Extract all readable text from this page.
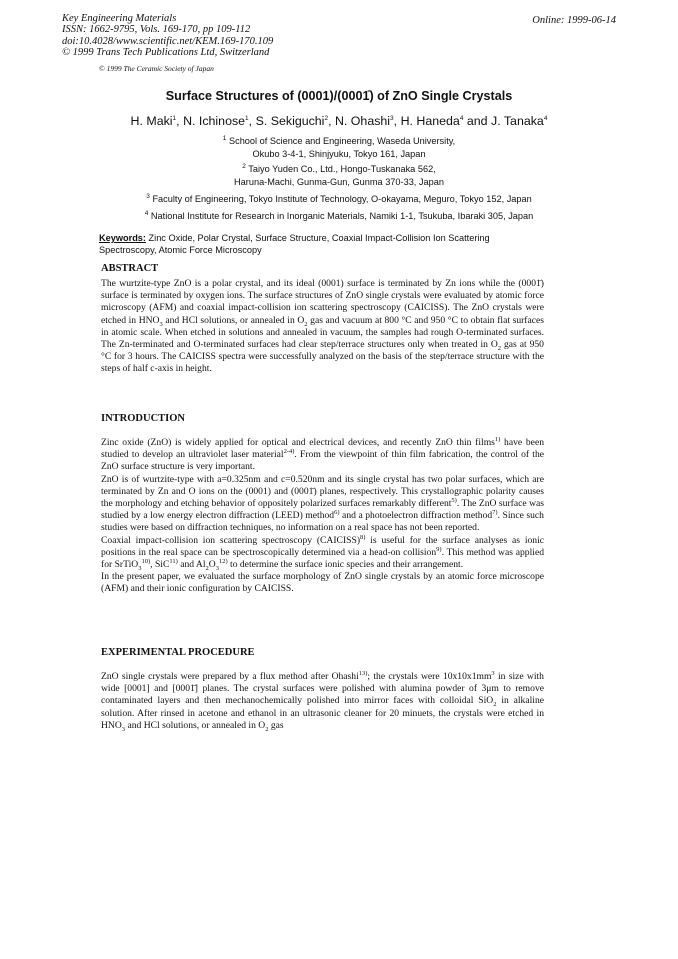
Key Engineering Materials
ISSN: 1662-9795, Vols. 169-170, pp 109-112
doi:10.4028/www.scientific.net/KEM.169-170.109
© 1999 Trans Tech Publications Ltd, Switzerland
Online: 1999-06-14
© 1999 The Ceramic Society of Japan
Surface Structures of (0001)/(0001̄) of ZnO Single Crystals
H. Maki$^1$, N. Ichinose$^1$, S. Sekiguchi$^2$, N. Ohashi$^3$, H. Haneda$^4$ and J. Tanaka$^4$
$^1$ School of Science and Engineering, Waseda University,
Okubo 3-4-1, Shinjyuku, Tokyo 161, Japan
$^2$ Taiyo Yuden Co., Ltd., Hongo-Tuskanaka 562,
Haruna-Machi, Gunma-Gun, Gunma 370-33, Japan
$^3$ Faculty of Engineering, Tokyo Institute of Technology, O-okayama, Meguro, Tokyo 152, Japan
$^4$ National Institute for Research in Inorganic Materials, Namiki 1-1, Tsukuba, Ibaraki 305, Japan
Keywords: Zinc Oxide, Polar Crystal, Surface Structure, Coaxial Impact-Collision Ion Scattering Spectroscopy, Atomic Force Microscopy
ABSTRACT

The wurtzite-type ZnO is a polar crystal, and its ideal (0001) surface is terminated by Zn ions while the (0001̄) surface is terminated by oxygen ions. The surface structures of ZnO single crystals were evaluated by atomic force microscopy (AFM) and coaxial impact-collision ion scattering spectroscopy (CAICISS). The ZnO crystals were etched in $HNO_3$ and HCl solutions, or annealed in $O_2$ gas and vacuum at 800 °C and 950 °C to obtain flat surfaces in atomic scale. When etched in solutions and annealed in vacuum, the samples had rough O-terminated surfaces. The Zn-terminated and O-terminated surfaces had clear step/terrace structures only when treated in $O_2$ gas at 950 °C for 3 hours. The CAICISS spectra were successfully analyzed on the basis of the step/terrace structure with the steps of half c-axis in height.

INTRODUCTION

Zinc oxide (ZnO) is widely applied for optical and electrical devices, and recently ZnO thin films$^{1)}$ have been studied to develop an ultraviolet laser material$^{2-4)}$. From the viewpoint of thin film fabrication, the control of the ZnO surface structure is very important.

ZnO is of wurtzite-type with a=0.325nm and c=0.520nm and its single crystal has two polar surfaces, which are terminated by Zn and O ions on the (0001) and (0001̄) planes, respectively. This crystallographic polarity causes the morphology and etching behavior of oppositely polarized surfaces remarkably different$^{5)}$. The ZnO surface was studied by a low energy electron diffraction (LEED) method$^{6)}$ and a photoelectron diffraction method$^{7)}$. Since such studies were based on diffraction techniques, no information on a real space has not been reported.

Coaxial impact-collision ion scattering spectroscopy (CAICISS)$^{8)}$ is useful for the surface analyses as ionic positions in the real space can be spectroscopically determined via a head-on collision$^{9)}$. This method was applied for SrTiO$_3^{10)}$, SiC$^{11)}$ and $Al_2O_3^{12)}$ to determine the surface ionic species and their arrangement.

In the present paper, we evaluated the surface morphology of ZnO single crystals by an atomic force microscope (AFM) and their ionic configuration by CAICISS.

EXPERIMENTAL PROCEDURE

ZnO single crystals were prepared by a flux method after Ohashi$^{13)}$; the crystals were $10x10x1mm^3$ in size with wide [0001] and [0001̄] planes. The crystal surfaces were polished with alumina powder of 3μm to remove contaminated layers and then mechanochemically polished into mirror faces with colloidal SiO$_2$ in alkaline solution. After rinsed in acetone and ethanol in an ultrasonic cleaner for 20 minuets, the crystals were etched in $HNO_3$ and HCl solutions, or annealed in $O_2$ gas
